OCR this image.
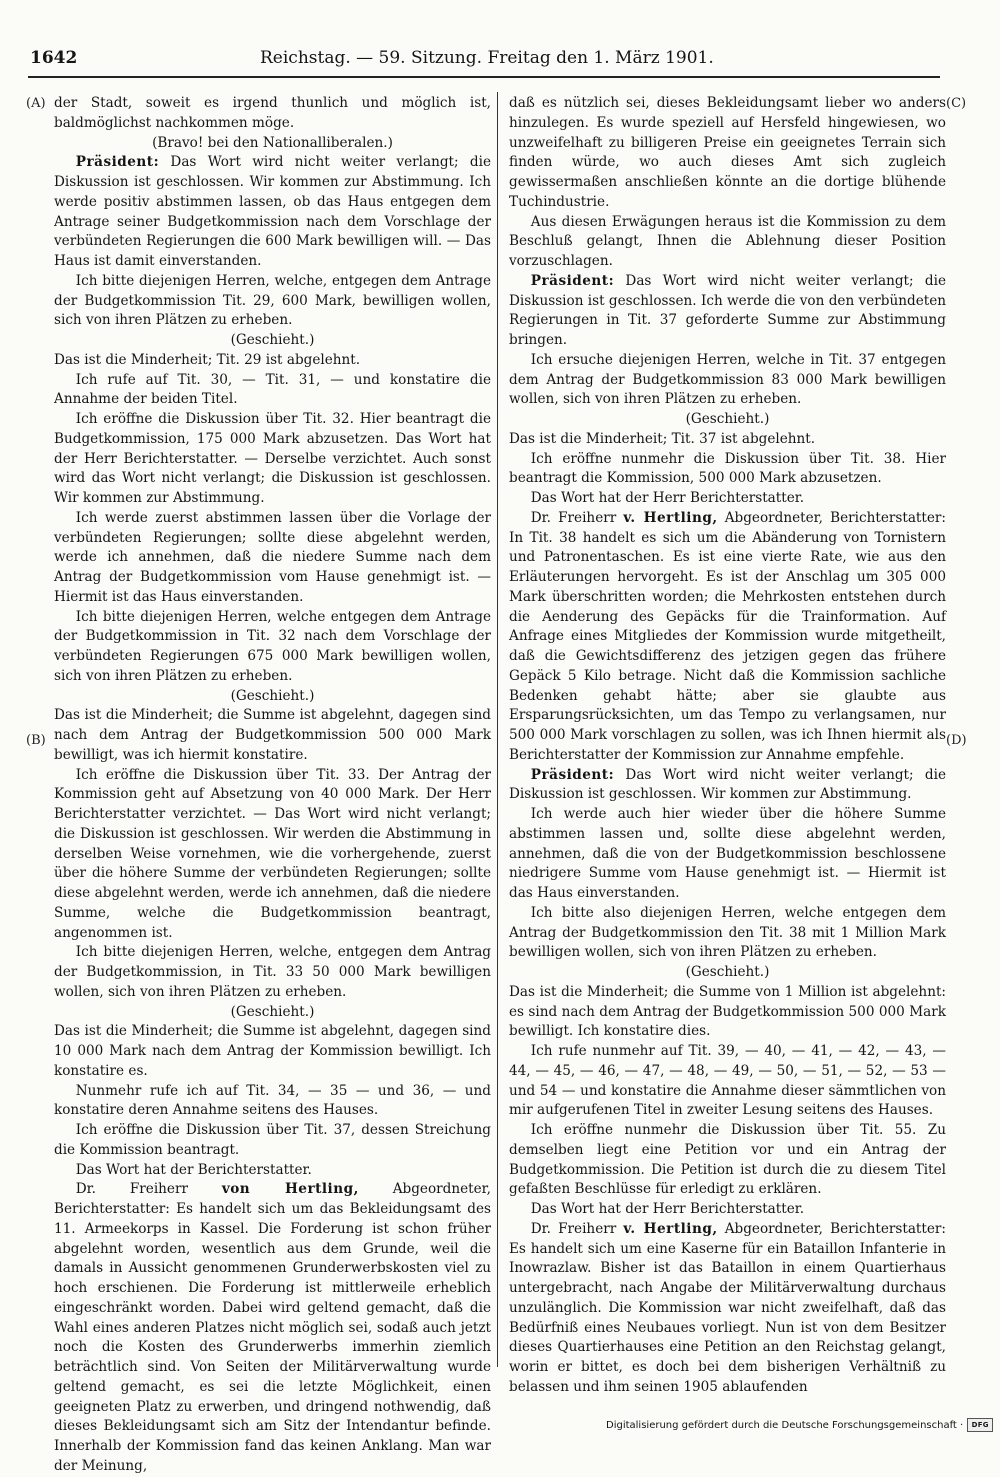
1642	Reichstag. — 59. Sitzung. Freitag den 1. März 1901.
(A)
(B)
(C)
(D)

der Stadt, soweit es irgend thunlich und möglich ist, baldmöglichst nachkommen möge.

(Bravo! bei den Nationalliberalen.)

Präsident: Das Wort wird nicht weiter verlangt; die Diskussion ist geschlossen. Wir kommen zur Abstimmung. Ich werde positiv abstimmen lassen, ob das Haus entgegen dem Antrage seiner Budgetkommission nach dem Vorschlage der verbündeten Regierungen die 600 Mark bewilligen will. — Das Haus ist damit einverstanden.

Ich bitte diejenigen Herren, welche, entgegen dem Antrage der Budgetkommission Tit. 29, 600 Mark, bewilligen wollen, sich von ihren Plätzen zu erheben.

(Geschieht.)

Das ist die Minderheit; Tit. 29 ist abgelehnt.

Ich rufe auf Tit. 30, — Tit. 31, — und konstatire die Annahme der beiden Titel.

Ich eröffne die Diskussion über Tit. 32. Hier beantragt die Budgetkommission, 175 000 Mark abzusetzen. Das Wort hat der Herr Berichterstatter. — Derselbe verzichtet. Auch sonst wird das Wort nicht verlangt; die Diskussion ist geschlossen. Wir kommen zur Abstimmung.

Ich werde zuerst abstimmen lassen über die Vorlage der verbündeten Regierungen; sollte diese abgelehnt werden, werde ich annehmen, daß die niedere Summe nach dem Antrag der Budgetkommission vom Hause genehmigt ist. — Hiermit ist das Haus einverstanden.

Ich bitte diejenigen Herren, welche entgegen dem Antrage der Budgetkommission in Tit. 32 nach dem Vorschlage der verbündeten Regierungen 675 000 Mark bewilligen wollen, sich von ihren Plätzen zu erheben.

(Geschieht.)

Das ist die Minderheit; die Summe ist abgelehnt, dagegen sind nach dem Antrag der Budgetkommission 500 000 Mark bewilligt, was ich hiermit konstatire.

Ich eröffne die Diskussion über Tit. 33. Der Antrag der Kommission geht auf Absetzung von 40 000 Mark. Der Herr Berichterstatter verzichtet. — Das Wort wird nicht verlangt; die Diskussion ist geschlossen. Wir werden die Abstimmung in derselben Weise vornehmen, wie die vorhergehende, zuerst über die höhere Summe der verbündeten Regierungen; sollte diese abgelehnt werden, werde ich annehmen, daß die niedere Summe, welche die Budgetkommission beantragt, angenommen ist.

Ich bitte diejenigen Herren, welche, entgegen dem Antrag der Budgetkommission, in Tit. 33 50 000 Mark bewilligen wollen, sich von ihren Plätzen zu erheben.

(Geschieht.)

Das ist die Minderheit; die Summe ist abgelehnt, dagegen sind 10 000 Mark nach dem Antrag der Kommission bewilligt. Ich konstatire es.

Nunmehr rufe ich auf Tit. 34, — 35 — und 36, — und konstatire deren Annahme seitens des Hauses.

Ich eröffne die Diskussion über Tit. 37, dessen Streichung die Kommission beantragt.

Das Wort hat der Berichterstatter.

Dr. Freiherr von Hertling, Abgeordneter, Berichterstatter: Es handelt sich um das Bekleidungsamt des 11. Armeekorps in Kassel. Die Forderung ist schon früher abgelehnt worden, wesentlich aus dem Grunde, weil die damals in Aussicht genommenen Grunderwerbskosten viel zu hoch erschienen. Die Forderung ist mittlerweile erheblich eingeschränkt worden. Dabei wird geltend gemacht, daß die Wahl eines anderen Platzes nicht möglich sei, sodaß auch jetzt noch die Kosten des Grunderwerbs immerhin ziemlich beträchtlich sind. Von Seiten der Militärverwaltung wurde geltend gemacht, es sei die letzte Möglichkeit, einen geeigneten Platz zu erwerben, und dringend nothwendig, daß dieses Bekleidungsamt sich am Sitz der Intendantur befinde. Innerhalb der Kommission fand das keinen Anklang. Man war der Meinung,

daß es nützlich sei, dieses Bekleidungsamt lieber wo anders hinzulegen. Es wurde speziell auf Hersfeld hingewiesen, wo unzweifelhaft zu billigeren Preise ein geeignetes Terrain sich finden würde, wo auch dieses Amt sich zugleich gewissermaßen anschließen könnte an die dortige blühende Tuchindustrie.

Aus diesen Erwägungen heraus ist die Kommission zu dem Beschluß gelangt, Ihnen die Ablehnung dieser Position vorzuschlagen.

Präsident: Das Wort wird nicht weiter verlangt; die Diskussion ist geschlossen. Ich werde die von den verbündeten Regierungen in Tit. 37 geforderte Summe zur Abstimmung bringen.

Ich ersuche diejenigen Herren, welche in Tit. 37 entgegen dem Antrag der Budgetkommission 83 000 Mark bewilligen wollen, sich von ihren Plätzen zu erheben.

(Geschieht.)

Das ist die Minderheit; Tit. 37 ist abgelehnt.

Ich eröffne nunmehr die Diskussion über Tit. 38. Hier beantragt die Kommission, 500 000 Mark abzusetzen.

Das Wort hat der Herr Berichterstatter.

Dr. Freiherr v. Hertling, Abgeordneter, Berichterstatter: In Tit. 38 handelt es sich um die Abänderung von Tornistern und Patronentaschen. Es ist eine vierte Rate, wie aus den Erläuterungen hervorgeht. Es ist der Anschlag um 305 000 Mark überschritten worden; die Mehrkosten entstehen durch die Aenderung des Gepäcks für die Trainformation. Auf Anfrage eines Mitgliedes der Kommission wurde mitgetheilt, daß die Gewichtsdifferenz des jetzigen gegen das frühere Gepäck 5 Kilo betrage. Nicht daß die Kommission sachliche Bedenken gehabt hätte; aber sie glaubte aus Ersparungsrücksichten, um das Tempo zu verlangsamen, nur 500 000 Mark vorschlagen zu sollen, was ich Ihnen hiermit als Berichterstatter der Kommission zur Annahme empfehle.

Präsident: Das Wort wird nicht weiter verlangt; die Diskussion ist geschlossen. Wir kommen zur Abstimmung.

Ich werde auch hier wieder über die höhere Summe abstimmen lassen und, sollte diese abgelehnt werden, annehmen, daß die von der Budgetkommission beschlossene niedrigere Summe vom Hause genehmigt ist. — Hiermit ist das Haus einverstanden.

Ich bitte also diejenigen Herren, welche entgegen dem Antrag der Budgetkommission den Tit. 38 mit 1 Million Mark bewilligen wollen, sich von ihren Plätzen zu erheben.

(Geschieht.)

Das ist die Minderheit; die Summe von 1 Million ist abgelehnt: es sind nach dem Antrag der Budgetkommission 500 000 Mark bewilligt. Ich konstatire dies.

Ich rufe nunmehr auf Tit. 39, — 40, — 41, — 42, — 43, — 44, — 45, — 46, — 47, — 48, — 49, — 50, — 51, — 52, — 53 — und 54 — und konstatire die Annahme dieser sämmtlichen von mir aufgerufenen Titel in zweiter Lesung seitens des Hauses.

Ich eröffne nunmehr die Diskussion über Tit. 55. Zu demselben liegt eine Petition vor und ein Antrag der Budgetkommission. Die Petition ist durch die zu diesem Titel gefaßten Beschlüsse für erledigt zu erklären.

Das Wort hat der Herr Berichterstatter.

Dr. Freiherr v. Hertling, Abgeordneter, Berichterstatter: Es handelt sich um eine Kaserne für ein Bataillon Infanterie in Inowrazlaw. Bisher ist das Bataillon in einem Quartierhaus untergebracht, nach Angabe der Militärverwaltung durchaus unzulänglich. Die Kommission war nicht zweifelhaft, daß das Bedürfniß eines Neubaues vorliegt. Nun ist von dem Besitzer dieses Quartierhauses eine Petition an den Reichstag gelangt, worin er bittet, es doch bei dem bisherigen Verhältniß zu belassen und ihm seinen 1905 ablaufenden

Digitalisierung gefördert durch die Deutsche Forschungsgemeinschaft ·	DFG
